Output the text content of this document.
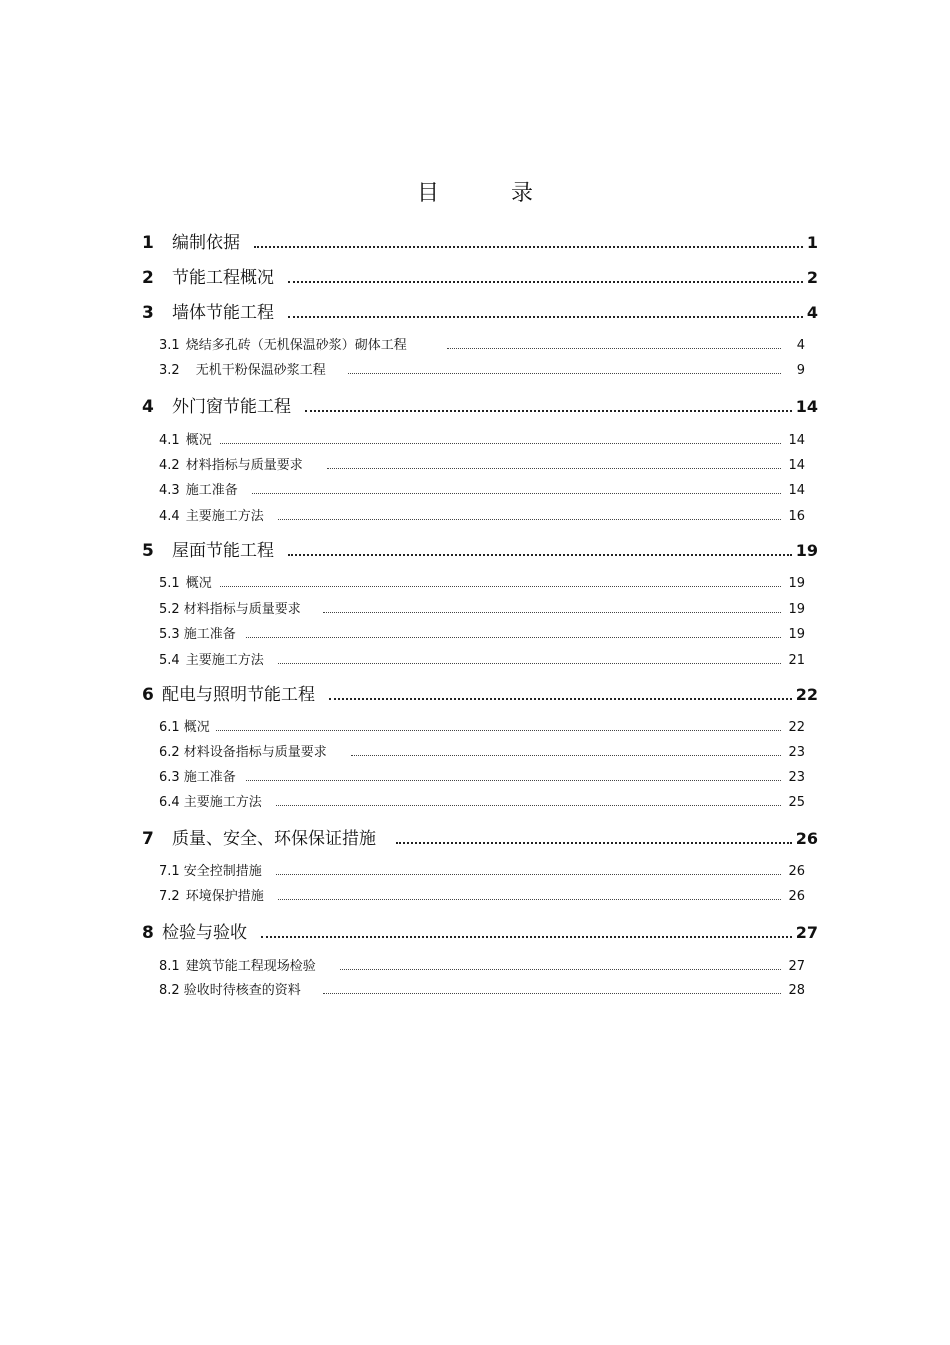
目	录
1	编制依据	1
2	节能工程概况	2
3	墙体节能工程	4
3.1 烧结多孔砖（无机保温砂浆）砌体工程	4
3.2 无机干粉保温砂浆工程	9
4	外门窗节能工程	14
4.1 概况	14
4.2 材料指标与质量要求	14
4.3 施工准备	14
4.4 主要施工方法	16
5	屋面节能工程	19
5.1 概况	19
5.2 材料指标与质量要求	19
5.3 施工准备	19
5.4 主要施工方法	21
6 配电与照明节能工程	22
6.1 概况	22
6.2 材料设备指标与质量要求	23
6.3 施工准备	23
6.4 主要施工方法	25
7	质量、安全、环保保证措施	26
7.1 安全控制措施	26
7.2 环境保护措施	26
8 检验与验收	27
8.1 建筑节能工程现场检验	27
8.2 验收时待核查的资料	28
